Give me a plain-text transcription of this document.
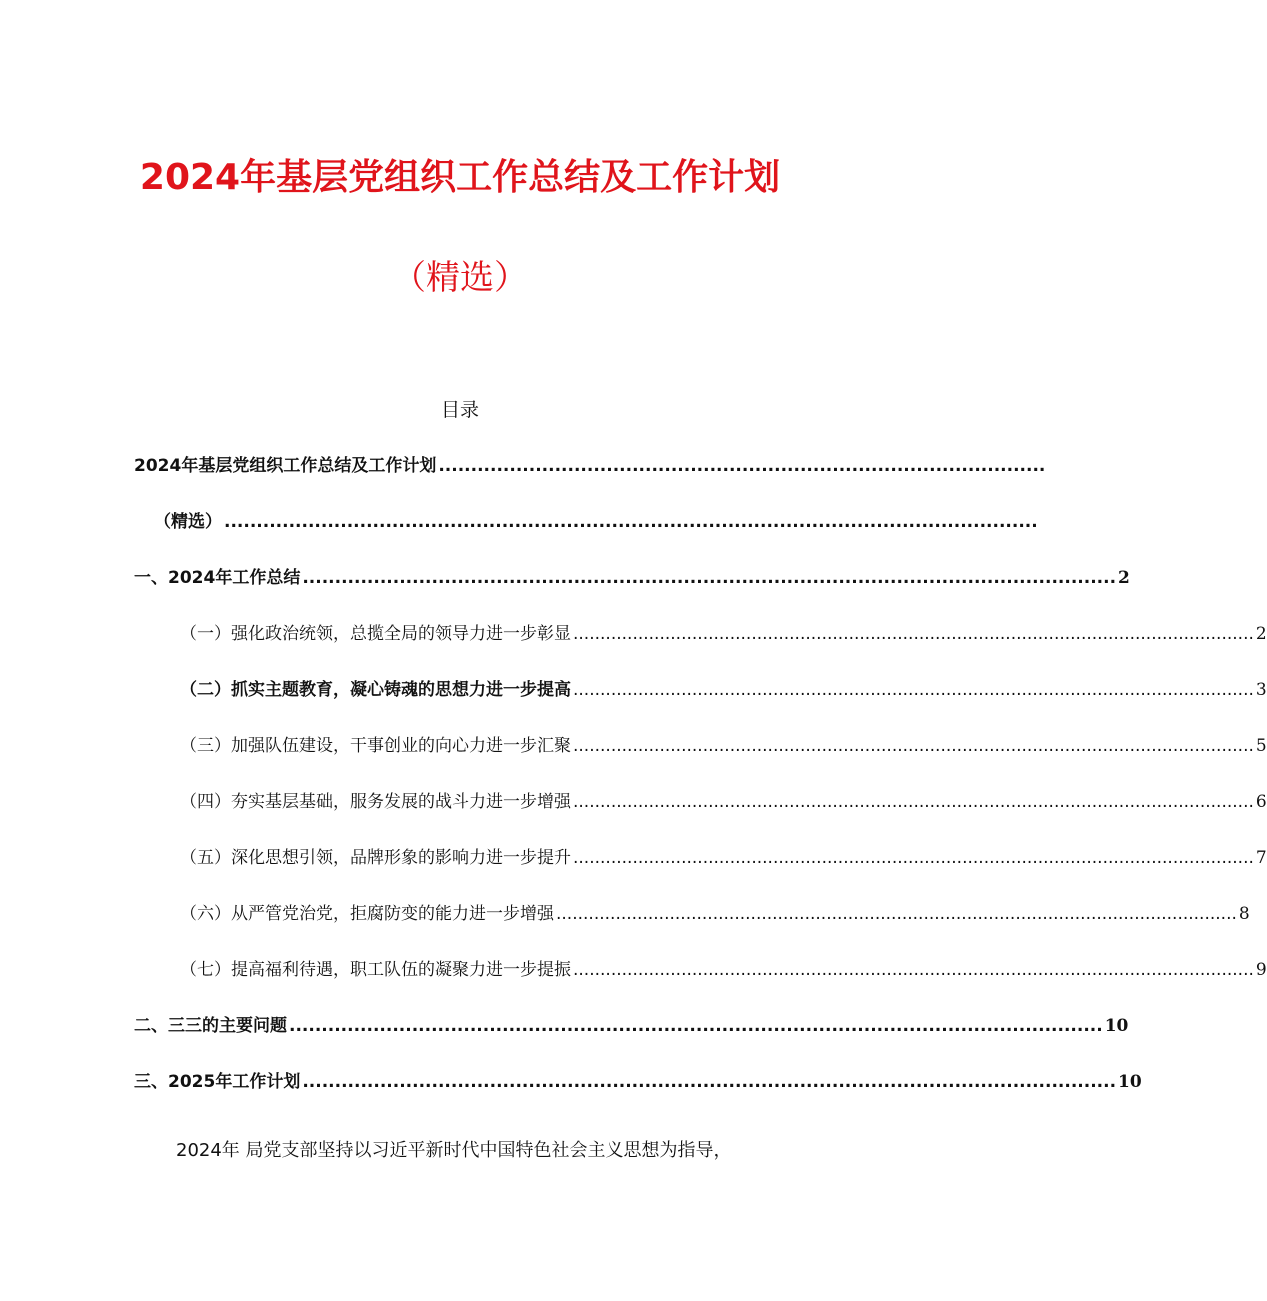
2024年基层党组织工作总结及工作计划
（精选）
目录
2024年基层党组织工作总结及工作计划 ..............................................................................................
（精选） ..............................................................................................................................
一、2024年工作总结 .............................................................................................................................. 2
（一）强化政治统领，总揽全局的领导力进一步彰显 .............................................................................................................................. 2
（二）抓实主题教育，凝心铸魂的思想力进一步提高 .............................................................................................................................. 3
（三）加强队伍建设，干事创业的向心力进一步汇聚 .............................................................................................................................. 5
（四）夯实基层基础，服务发展的战斗力进一步增强 .............................................................................................................................. 6
（五）深化思想引领，品牌形象的影响力进一步提升 .............................................................................................................................. 7
（六）从严管党治党，拒腐防变的能力进一步增强 .............................................................................................................................. 8
（七）提高福利待遇，职工队伍的凝聚力进一步提振 .............................................................................................................................. 9
二、三三的主要问题 .............................................................................................................................. 10
三、2025年工作计划 .............................................................................................................................. 10
2024年 局党支部坚持以习近平新时代中国特色社会主义思想为指导，
